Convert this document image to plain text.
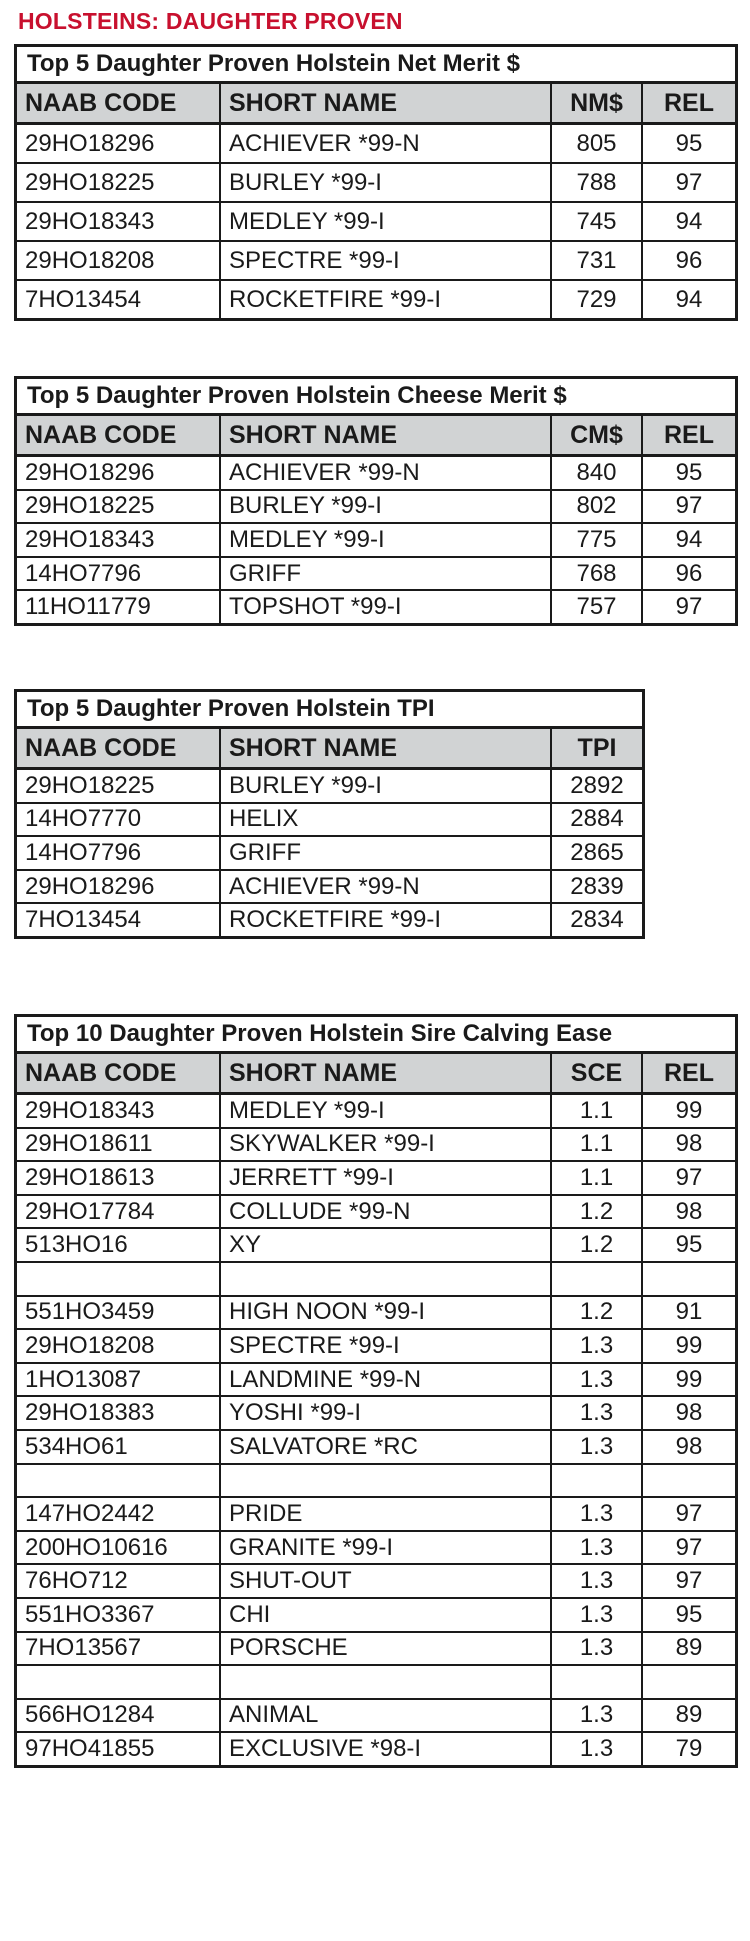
HOLSTEINS: DAUGHTER PROVEN
Top 5 Daughter Proven Holstein Net Merit $
NAAB CODE	SHORT NAME	NM$	REL
29HO18296	ACHIEVER *99-N	805	95
29HO18225	BURLEY *99-I	788	97
29HO18343	MEDLEY *99-I	745	94
29HO18208	SPECTRE *99-I	731	96
7HO13454	ROCKETFIRE *99-I	729	94
Top 5 Daughter Proven Holstein Cheese Merit $
NAAB CODE	SHORT NAME	CM$	REL
29HO18296	ACHIEVER *99-N	840	95
29HO18225	BURLEY *99-I	802	97
29HO18343	MEDLEY *99-I	775	94
14HO7796	GRIFF	768	96
11HO11779	TOPSHOT *99-I	757	97
Top 5 Daughter Proven Holstein TPI
NAAB CODE	SHORT NAME	TPI
29HO18225	BURLEY *99-I	2892
14HO7770	HELIX	2884
14HO7796	GRIFF	2865
29HO18296	ACHIEVER *99-N	2839
7HO13454	ROCKETFIRE *99-I	2834
Top 10 Daughter Proven Holstein Sire Calving Ease
NAAB CODE	SHORT NAME	SCE	REL
29HO18343	MEDLEY *99-I	1.1	99
29HO18611	SKYWALKER *99-I	1.1	98
29HO18613	JERRETT *99-I	1.1	97
29HO17784	COLLUDE *99-N	1.2	98
513HO16	XY	1.2	95
551HO3459	HIGH NOON *99-I	1.2	91
29HO18208	SPECTRE *99-I	1.3	99
1HO13087	LANDMINE *99-N	1.3	99
29HO18383	YOSHI *99-I	1.3	98
534HO61	SALVATORE *RC	1.3	98
147HO2442	PRIDE	1.3	97
200HO10616	GRANITE *99-I	1.3	97
76HO712	SHUT-OUT	1.3	97
551HO3367	CHI	1.3	95
7HO13567	PORSCHE	1.3	89
566HO1284	ANIMAL	1.3	89
97HO41855	EXCLUSIVE *98-I	1.3	79
